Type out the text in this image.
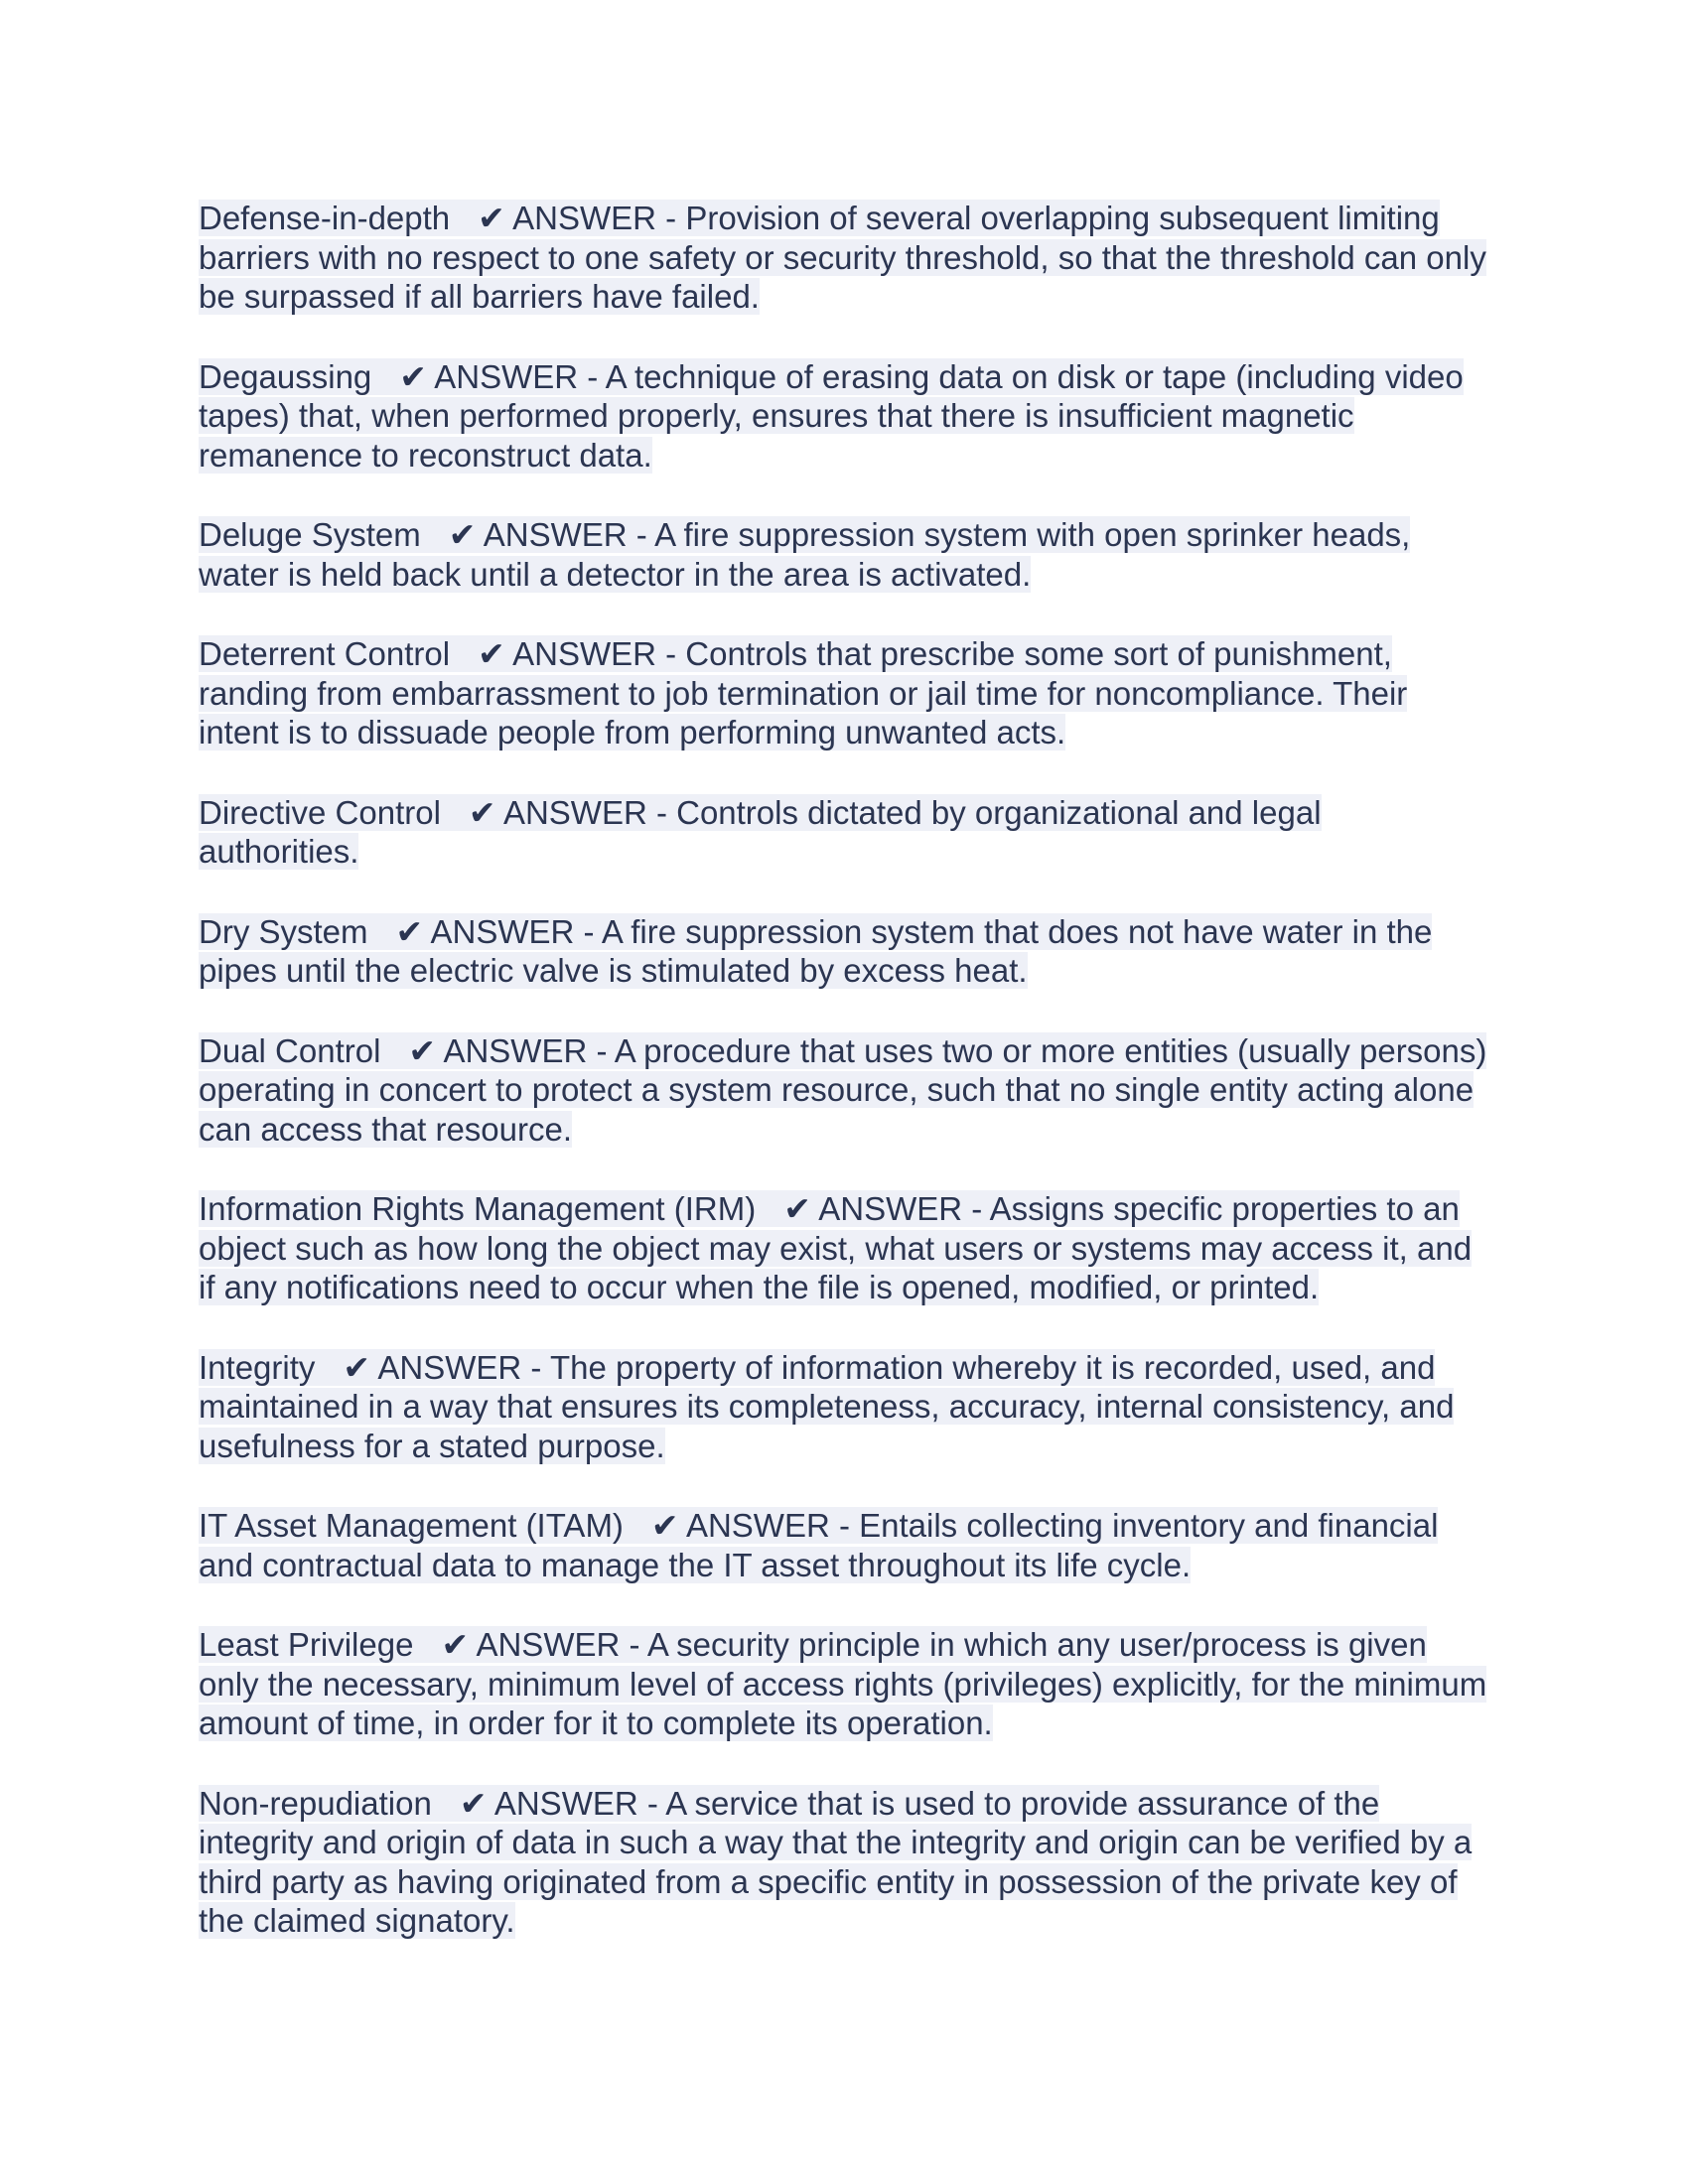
Defense-in-depth ✔ ANSWER - Provision of several overlapping subsequent limiting barriers with no respect to one safety or security threshold, so that the threshold can only be surpassed if all barriers have failed.

Degaussing ✔ ANSWER - A technique of erasing data on disk or tape (including video tapes) that, when performed properly, ensures that there is insufficient magnetic remanence to reconstruct data.

Deluge System ✔ ANSWER - A fire suppression system with open sprinker heads, water is held back until a detector in the area is activated.

Deterrent Control ✔ ANSWER - Controls that prescribe some sort of punishment, randing from embarrassment to job termination or jail time for noncompliance. Their intent is to dissuade people from performing unwanted acts.

Directive Control ✔ ANSWER - Controls dictated by organizational and legal authorities.

Dry System ✔ ANSWER - A fire suppression system that does not have water in the pipes until the electric valve is stimulated by excess heat.

Dual Control ✔ ANSWER - A procedure that uses two or more entities (usually persons) operating in concert to protect a system resource, such that no single entity acting alone can access that resource.

Information Rights Management (IRM) ✔ ANSWER - Assigns specific properties to an object such as how long the object may exist, what users or systems may access it, and if any notifications need to occur when the file is opened, modified, or printed.

Integrity ✔ ANSWER - The property of information whereby it is recorded, used, and maintained in a way that ensures its completeness, accuracy, internal consistency, and usefulness for a stated purpose.

IT Asset Management (ITAM) ✔ ANSWER - Entails collecting inventory and financial and contractual data to manage the IT asset throughout its life cycle.

Least Privilege ✔ ANSWER - A security principle in which any user/process is given only the necessary, minimum level of access rights (privileges) explicitly, for the minimum amount of time, in order for it to complete its operation.

Non-repudiation ✔ ANSWER - A service that is used to provide assurance of the integrity and origin of data in such a way that the integrity and origin can be verified by a third party as having originated from a specific entity in possession of the private key of the claimed signatory.
